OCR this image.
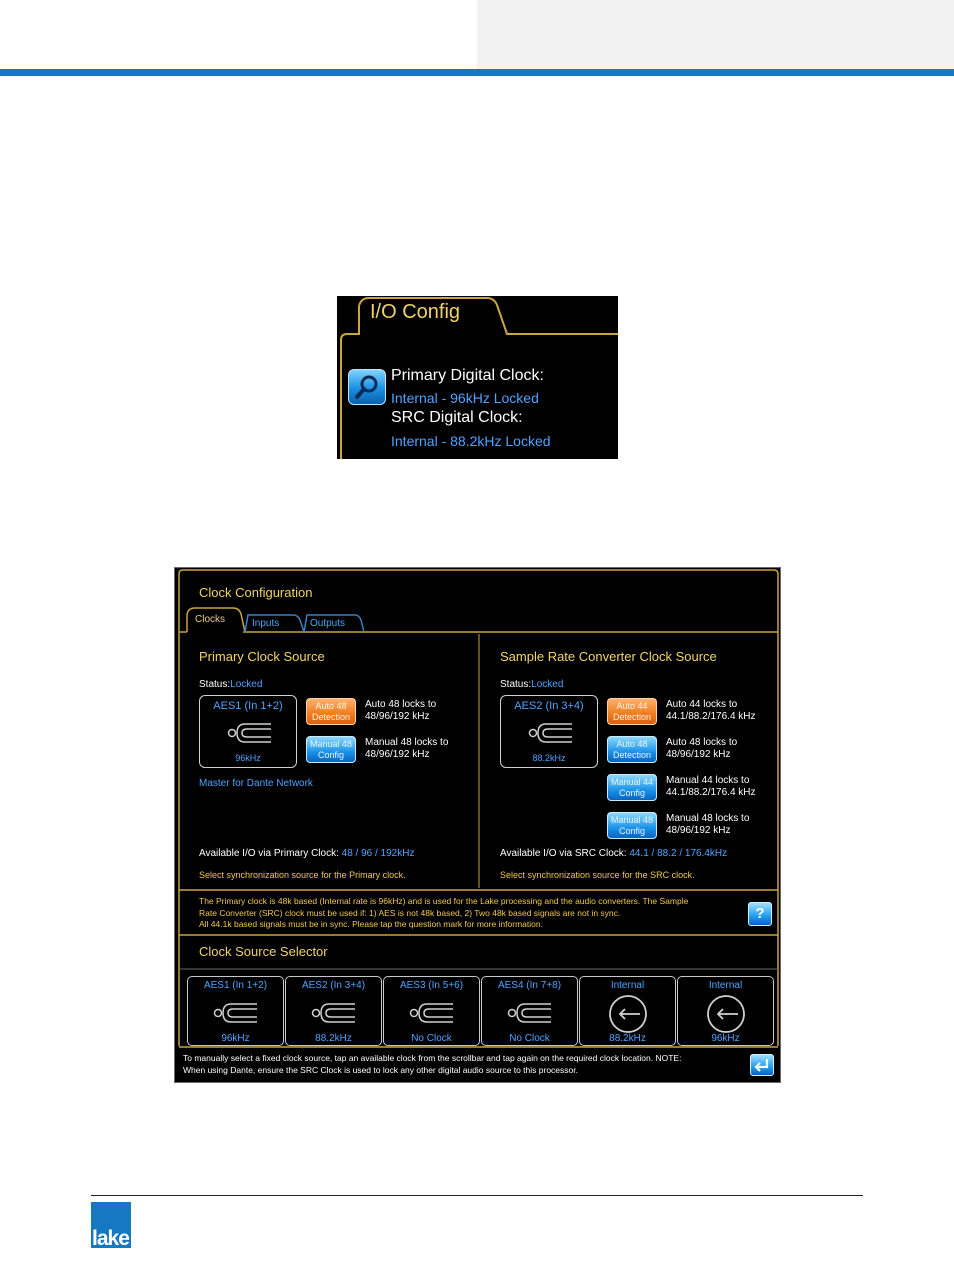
I/O Config
Primary Digital Clock:
Internal - 96kHz Locked
SRC Digital Clock:
Internal - 88.2kHz Locked
Clock Configuration
Clocks	Inputs	Outputs
Primary Clock Source
Status:Locked
AES1 (In 1+2)
96kHz
Auto 48
Detection
Auto 48 locks to
48/96/192 kHz
Manual 48
Config
Manual 48 locks to
48/96/192 kHz
Master for Dante Network
Available I/O via Primary Clock: 48 / 96 / 192kHz
Select synchronization source for the Primary clock.
Sample Rate Converter Clock Source
Status:Locked
AES2 (In 3+4)
88.2kHz
Auto 44
Detection
Auto 44 locks to
44.1/88.2/176.4 kHz
Auto 48
Detection
Auto 48 locks to
48/96/192 kHz
Manual 44
Config
Manual 44 locks to
44.1/88.2/176.4 kHz
Manual 48
Config
Manual 48 locks to
48/96/192 kHz
Available I/O via SRC Clock: 44.1 / 88.2 / 176.4kHz
Select synchronization source for the SRC clock.
The Primary clock is 48k based (Internal rate is 96kHz) and is used for the Lake processing and the audio converters. The Sample
Rate Converter (SRC) clock must be used if: 1) AES is not 48k based, 2) Two 48k based signals are not in sync.
All 44.1k based signals must be in sync. Please tap the question mark for more information.
?
Clock Source Selector
AES1 (In 1+2)
96kHz
AES2 (In 3+4)
88.2kHz
AES3 (In 5+6)
No Clock
AES4 (In 7+8)
No Clock
Internal
88.2kHz
Internal
96kHz
To manually select a fixed clock source, tap an available clock from the scrollbar and tap again on the required clock location. NOTE:
When using Dante, ensure the SRC Clock is used to lock any other digital audio source to this processor.
lake
